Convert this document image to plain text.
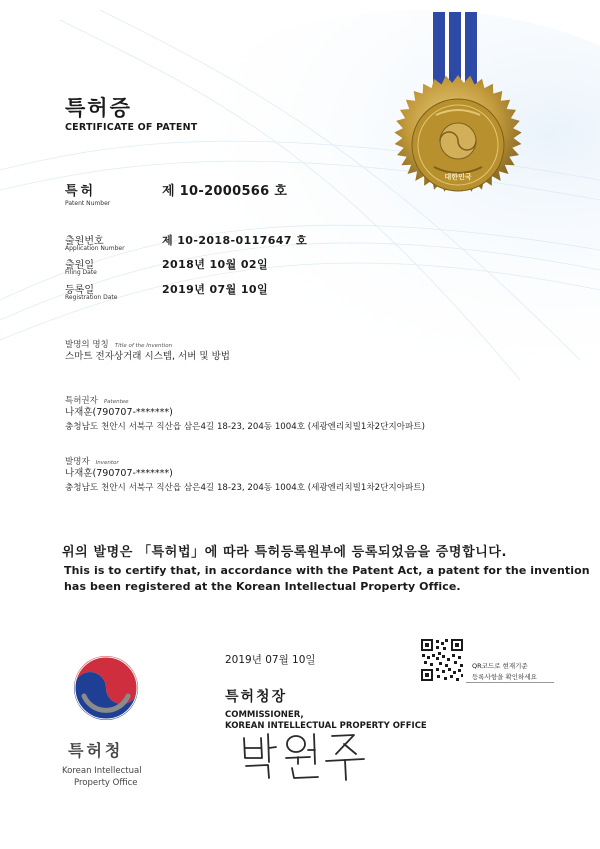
특허증
CERTIFICATE OF PATENT
대한민국
특허
Patent Number
제 10-2000566 호
출원번호
Application Number
제 10-2018-0117647 호
출원일
Filing Date
2018년 10월 02일
등록일
Registration Date
2019년 07월 10일
발명의 명칭 Title of the Invention
스마트 전자상거래 시스템, 서버 및 방법
특허권자 Patentee
나재훈(790707-*******)
충청남도 천안시 서북구 직산읍 삼은4길 18-23, 204동 1004호 (세광엔리치빌1차2단지아파트)
발명자 Inventor
나재훈(790707-*******)
충청남도 천안시 서북구 직산읍 삼은4길 18-23, 204동 1004호 (세광엔리치빌1차2단지아파트)
위의 발명은 「특허법」에 따라 특허등록원부에 등록되었음을 증명합니다.
This is to certify that, in accordance with the Patent Act, a patent for the invention
has been registered at the Korean Intellectual Property Office.
2019년 07월 10일	QR코드로 현재기준
등록사항을 확인하세요
특허청장
COMMISSIONER,
KOREAN INTELLECTUAL PROPERTY OFFICE
특허청
Korean Intellectual
Property Office
